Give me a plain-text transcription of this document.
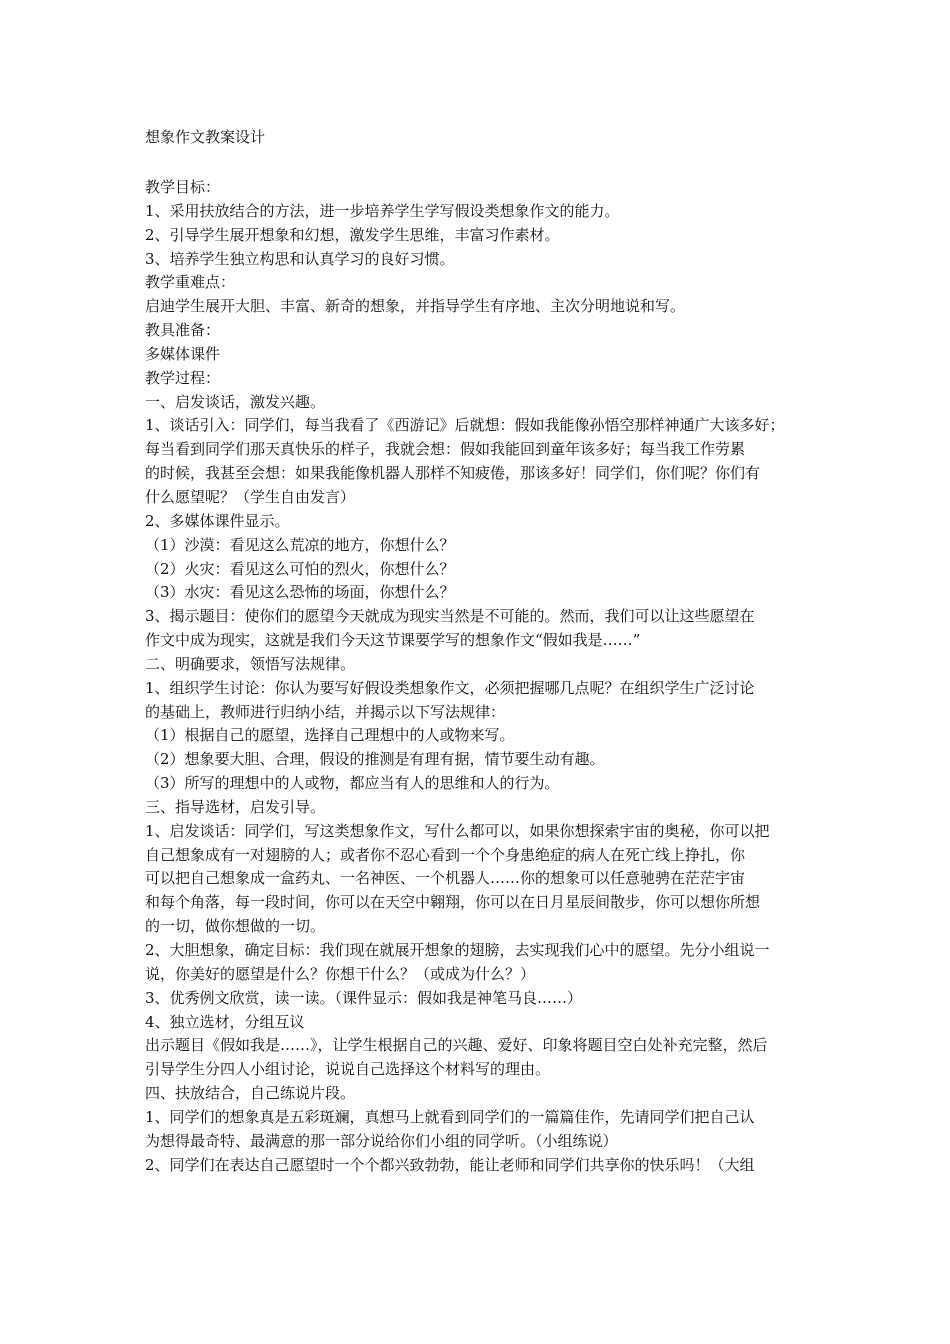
想象作文教案设计
教学目标：
1、采用扶放结合的方法，进一步培养学生学写假设类想象作文的能力。
2、引导学生展开想象和幻想，激发学生思维，丰富习作素材。
3、培养学生独立构思和认真学习的良好习惯。
教学重难点：
启迪学生展开大胆、丰富、新奇的想象，并指导学生有序地、主次分明地说和写。
教具准备：
多媒体课件
教学过程：
一、启发谈话，激发兴趣。
1、谈话引入：同学们，每当我看了《西游记》后就想：假如我能像孙悟空那样神通广大该多好；
每当看到同学们那天真快乐的样子，我就会想：假如我能回到童年该多好；每当我工作劳累
的时候，我甚至会想：如果我能像机器人那样不知疲倦，那该多好！同学们，你们呢？你们有
什么愿望呢？（学生自由发言）
2、多媒体课件显示。
（1）沙漠：看见这么荒凉的地方，你想什么？
（2）火灾：看见这么可怕的烈火，你想什么？
（3）水灾：看见这么恐怖的场面，你想什么？
3、揭示题目：使你们的愿望今天就成为现实当然是不可能的。然而，我们可以让这些愿望在
作文中成为现实，这就是我们今天这节课要学写的想象作文“假如我是……”
二、明确要求，领悟写法规律。
1、组织学生讨论：你认为要写好假设类想象作文，必须把握哪几点呢？在组织学生广泛讨论
的基础上，教师进行归纳小结，并揭示以下写法规律：
（1）根据自己的愿望，选择自己理想中的人或物来写。
（2）想象要大胆、合理，假设的推测是有理有据，情节要生动有趣。
（3）所写的理想中的人或物，都应当有人的思维和人的行为。
三、指导选材，启发引导。
1、启发谈话：同学们，写这类想象作文，写什么都可以，如果你想探索宇宙的奥秘，你可以把
自己想象成有一对翅膀的人；或者你不忍心看到一个个身患绝症的病人在死亡线上挣扎，你
可以把自己想象成一盒药丸、一名神医、一个机器人……你的想象可以任意驰骋在茫茫宇宙
和每个角落，每一段时间，你可以在天空中翱翔，你可以在日月星辰间散步，你可以想你所想
的一切，做你想做的一切。
2、大胆想象，确定目标：我们现在就展开想象的翅膀，去实现我们心中的愿望。先分小组说一
说，你美好的愿望是什么？你想干什么？（或成为什么？）
3、优秀例文欣赏，读一读。（课件显示：假如我是神笔马良……）
4、独立选材，分组互议
出示题目《假如我是……》，让学生根据自己的兴趣、爱好、印象将题目空白处补充完整，然后
引导学生分四人小组讨论，说说自己选择这个材料写的理由。
四、扶放结合，自己练说片段。
1、同学们的想象真是五彩斑斓，真想马上就看到同学们的一篇篇佳作，先请同学们把自己认
为想得最奇特、最满意的那一部分说给你们小组的同学听。（小组练说）
2、同学们在表达自己愿望时一个个都兴致勃勃，能让老师和同学们共享你的快乐吗！（大组
